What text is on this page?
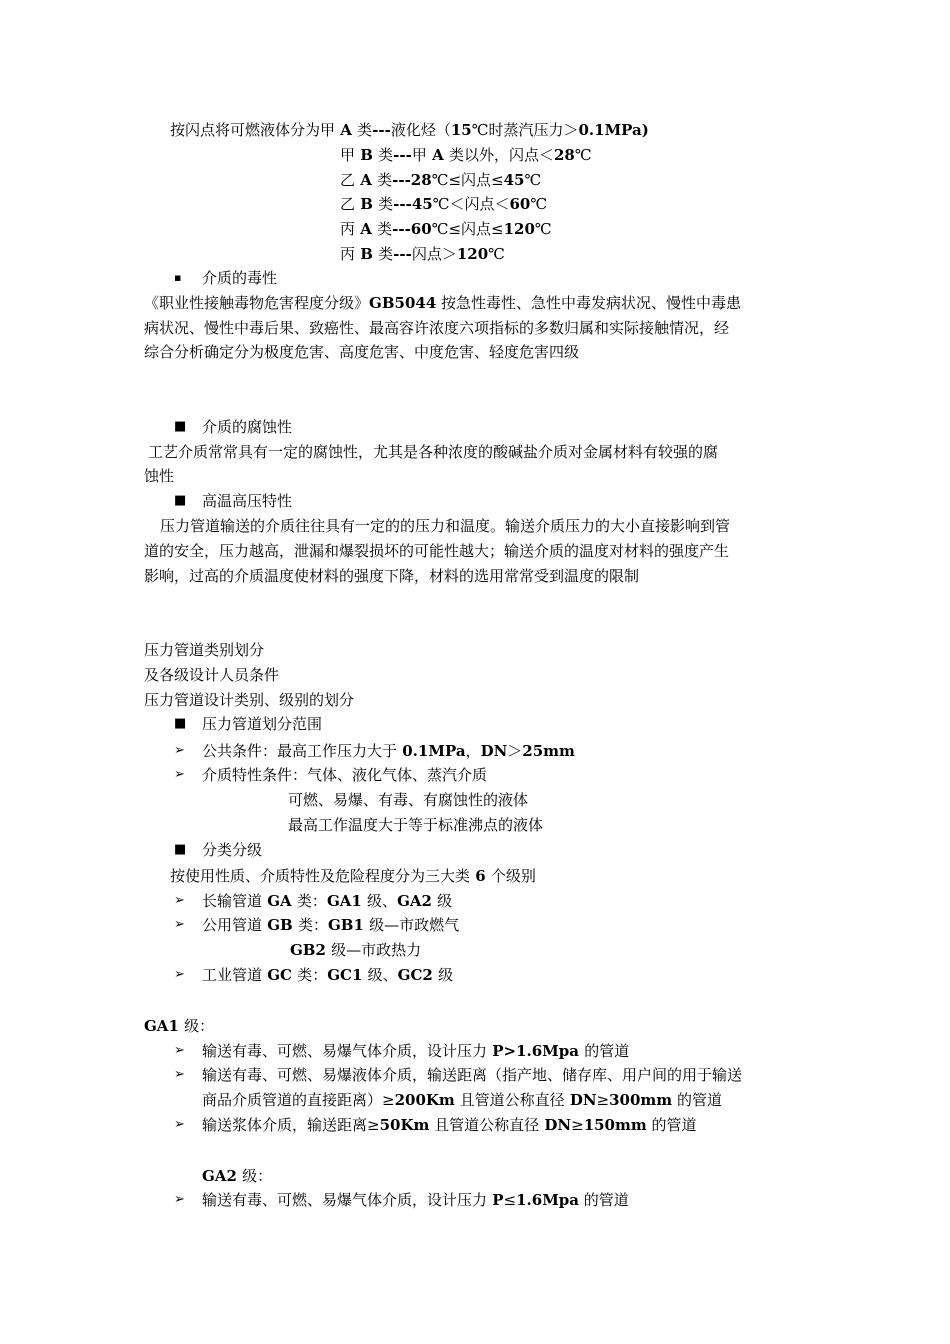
按闪点将可燃液体分为甲 A 类---液化烃（15℃时蒸汽压力＞0.1MPa)
甲 B 类---甲 A 类以外，闪点＜28℃
乙 A 类---28℃≤闪点≤45℃
乙 B 类---45℃＜闪点＜60℃
丙 A 类---60℃≤闪点≤120℃
丙 B 类---闪点＞120℃
▪ 介质的毒性
《职业性接触毒物危害程度分级》GB5044 按急性毒性、急性中毒发病状况、慢性中毒患
病状况、慢性中毒后果、致癌性、最高容许浓度六项指标的多数归属和实际接触情况，经
综合分析确定分为极度危害、高度危害、中度危害、轻度危害四级
■ 介质的腐蚀性
工艺介质常常具有一定的腐蚀性，尤其是各种浓度的酸碱盐介质对金属材料有较强的腐
蚀性
■ 高温高压特性
压力管道输送的介质往往具有一定的的压力和温度。输送介质压力的大小直接影响到管
道的安全，压力越高，泄漏和爆裂损坏的可能性越大；输送介质的温度对材料的强度产生
影响，过高的介质温度使材料的强度下降，材料的选用常常受到温度的限制
压力管道类别划分
及各级设计人员条件
压力管道设计类别、级别的划分
■ 压力管道划分范围
➢ 公共条件：最高工作压力大于 0.1MPa，DN＞25mm
➢ 介质特性条件：气体、液化气体、蒸汽介质
可燃、易爆、有毒、有腐蚀性的液体
最高工作温度大于等于标准沸点的液体
■ 分类分级
按使用性质、介质特性及危险程度分为三大类 6 个级别
➢ 长输管道 GA 类：GA1 级、GA2 级
➢ 公用管道 GB 类：GB1 级—市政燃气
GB2 级—市政热力
➢ 工业管道 GC 类：GC1 级、GC2 级
GA1 级：
➢ 输送有毒、可燃、易爆气体介质，设计压力 P>1.6Mpa 的管道
➢ 输送有毒、可燃、易爆液体介质，输送距离（指产地、储存库、用户间的用于输送
商品介质管道的直接距离）≥200Km 且管道公称直径 DN≥300mm 的管道
➢ 输送浆体介质，输送距离≥50Km 且管道公称直径 DN≥150mm 的管道
GA2 级：
➢ 输送有毒、可燃、易爆气体介质，设计压力 P≤1.6Mpa 的管道
